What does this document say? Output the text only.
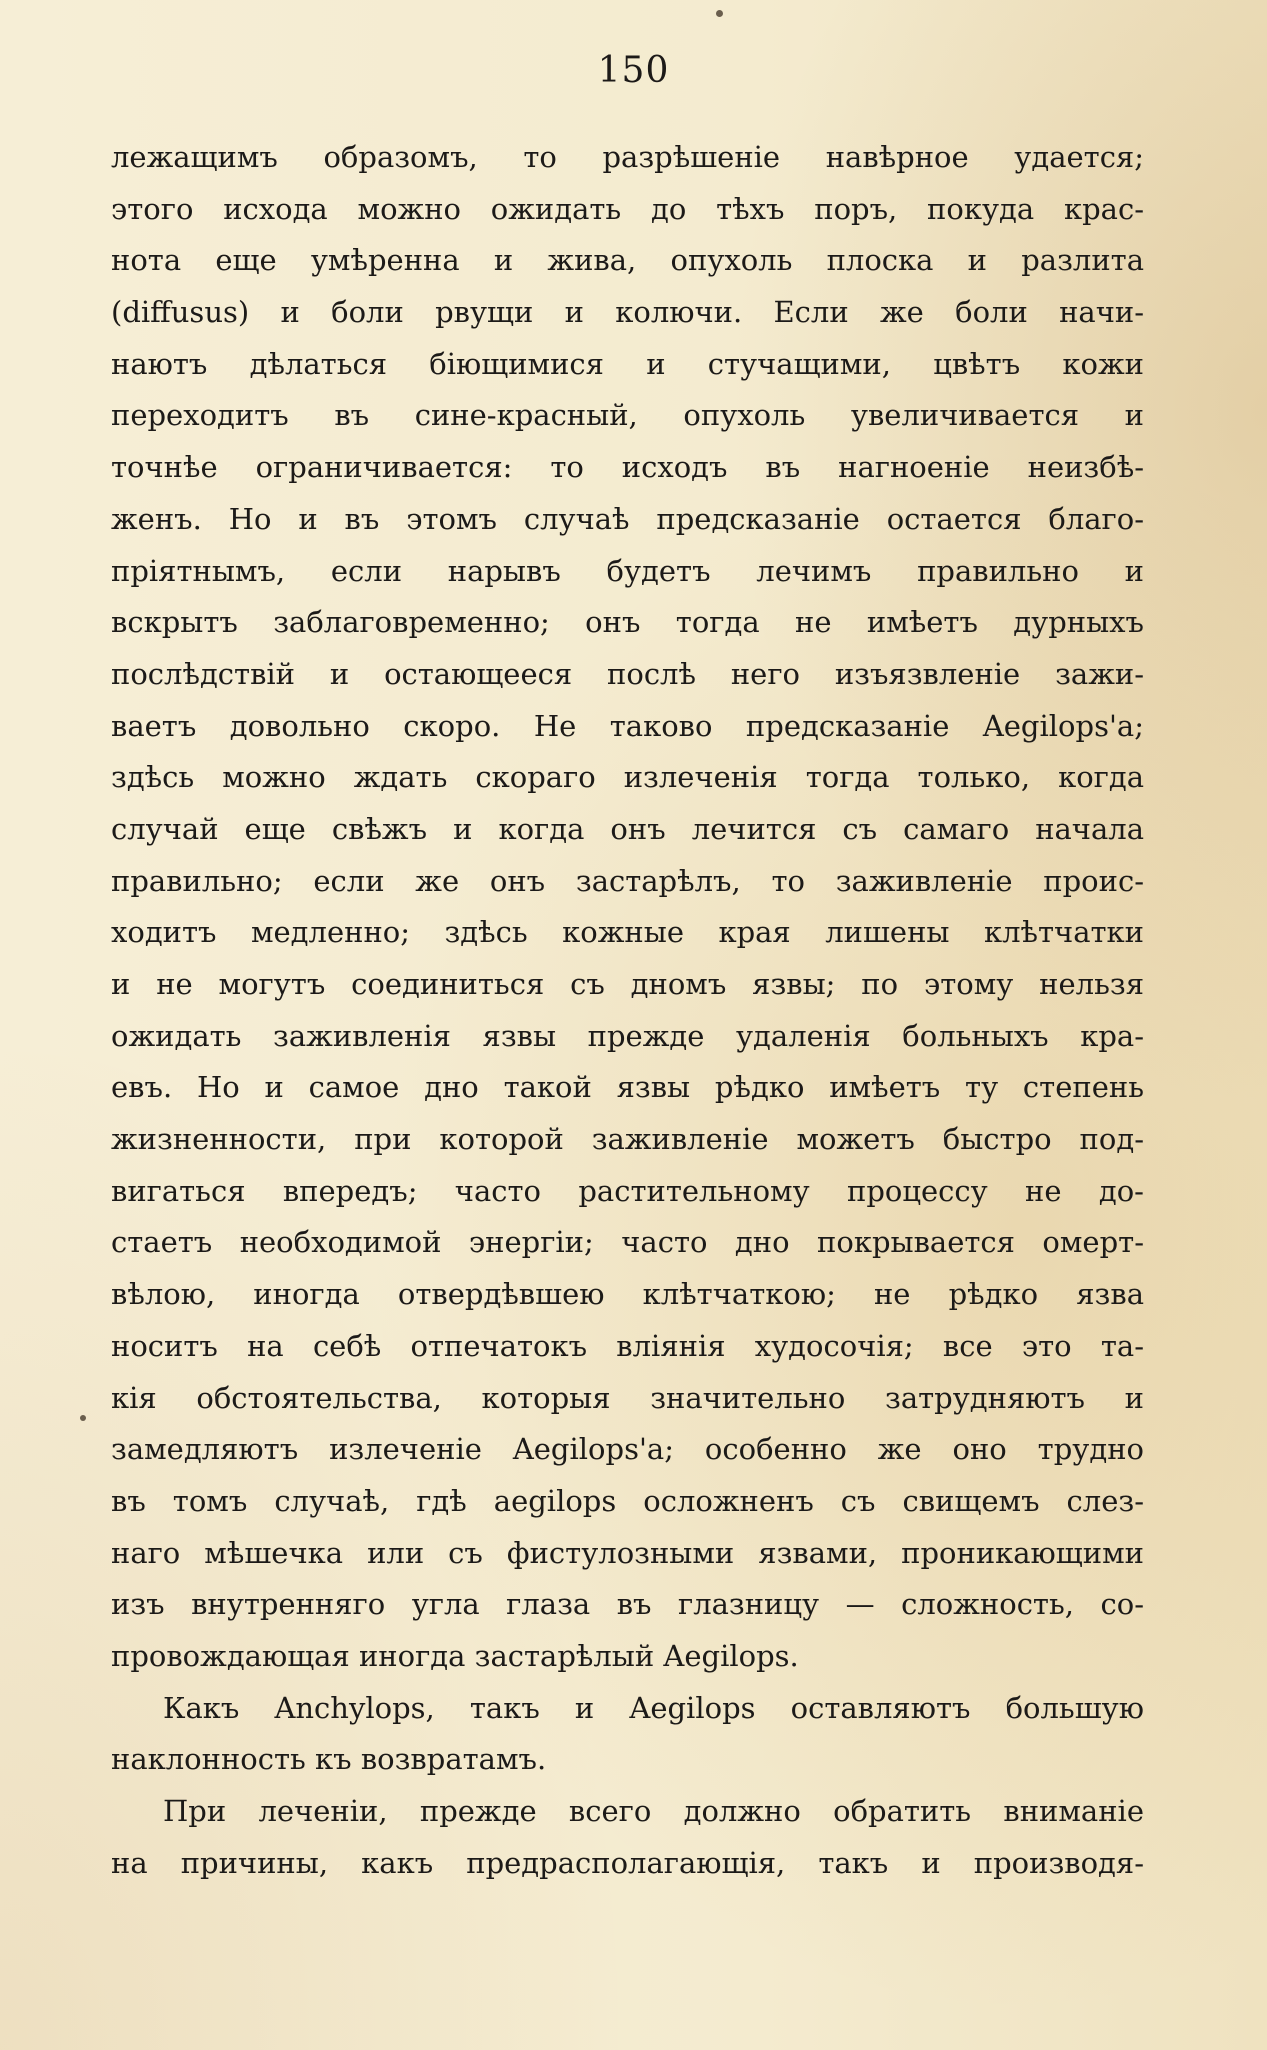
150
лежащимъ образомъ, то разрѣшеніе навѣрное удается;
этого исхода можно ожидать до тѣхъ поръ, покуда крас-
нота еще умѣренна и жива, опухоль плоска и разлита
(diffusus) и боли рвущи и колючи. Если же боли начи-
наютъ дѣлаться біющимися и стучащими, цвѣтъ кожи
переходитъ въ сине-красный, опухоль увеличивается и
точнѣе ограничивается: то исходъ въ нагноеніе неизбѣ-
женъ. Но и въ этомъ случаѣ предсказаніе остается благо-
пріятнымъ, если нарывъ будетъ лечимъ правильно и
вскрытъ заблаговременно; онъ тогда не имѣетъ дурныхъ
послѣдствій и остающееся послѣ него изъязвленіе зажи-
ваетъ довольно скоро. Не таково предсказаніе Aegilops'a;
здѣсь можно ждать скораго излеченія тогда только, когда
случай еще свѣжъ и когда онъ лечится съ самаго начала
правильно; если же онъ застарѣлъ, то заживленіе проис-
ходитъ медленно; здѣсь кожные края лишены клѣтчатки
и не могутъ соединиться съ дномъ язвы; по этому нельзя
ожидать заживленія язвы прежде удаленія больныхъ кра-
евъ. Но и самое дно такой язвы рѣдко имѣетъ ту степень
жизненности, при которой заживленіе можетъ быстро под-
вигаться впередъ; часто растительному процессу не до-
стаетъ необходимой энергіи; часто дно покрывается омерт-
вѣлою, иногда отвердѣвшею клѣтчаткою; не рѣдко язва
носитъ на себѣ отпечатокъ вліянія худосочія; все это та-
кія обстоятельства, которыя значительно затрудняютъ и
замедляютъ излеченіе Aegilops'a; особенно же оно трудно
въ томъ случаѣ, гдѣ aegilops осложненъ съ свищемъ слез-
наго мѣшечка или съ фистулозными язвами, проникающими
изъ внутренняго угла глаза въ глазницу — сложность, со-
провождающая иногда застарѣлый Aegilops.
Какъ Anchylops, такъ и Aegilops оставляютъ большую
наклонность къ возвратамъ.
При леченіи, прежде всего должно обратить вниманіе
на причины, какъ предрасполагающія, такъ и производя-
